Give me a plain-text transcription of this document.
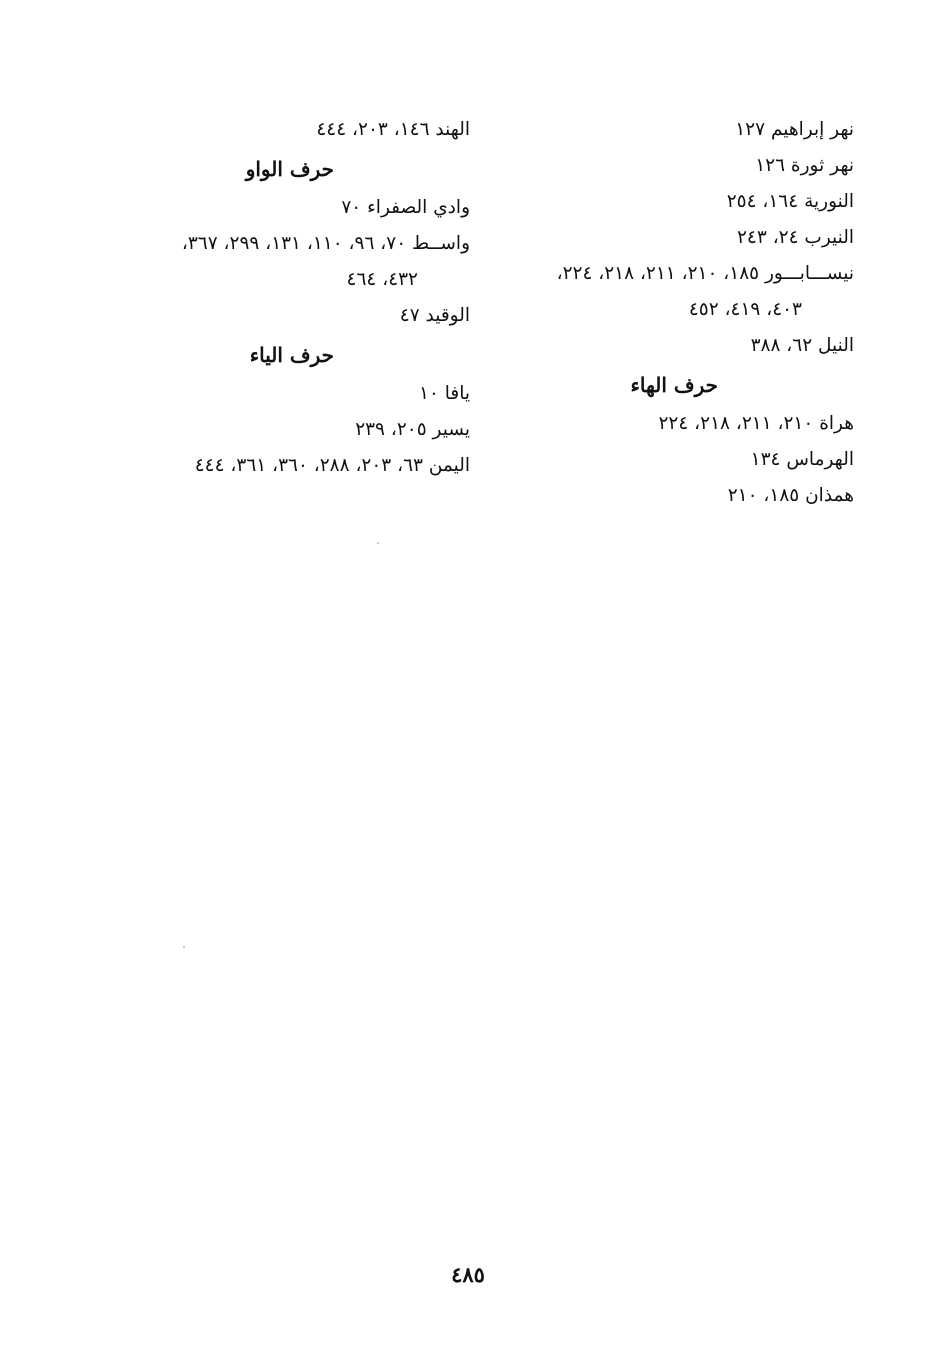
نهر إبراهيم ١٢٧
نهر ثورة ١٢٦
النورية ١٦٤، ٢٥٤
النيرب ٢٤، ٢٤٣
نيســـابـــور ١٨٥، ٢١٠، ٢١١، ٢١٨، ٢٢٤،
٤٠٣، ٤١٩، ٤٥٢
النيل ٦٢، ٣٨٨
حرف الهاء
هراة ٢١٠، ٢١١، ٢١٨، ٢٢٤
الهرماس ١٣٤
همذان ١٨٥، ٢١٠
الهند ١٤٦، ٢٠٣، ٤٤٤
حرف الواو
وادي الصفراء ٧٠
واســط ٧٠، ٩٦، ١١٠، ١٣١، ٢٩٩، ٣٦٧،
٤٣٢، ٤٦٤
الوقيد ٤٧
حرف الياء
يافا ١٠
يسير ٢٠٥، ٢٣٩
اليمن ٦٣، ٢٠٣، ٢٨٨، ٣٦٠، ٣٦١، ٤٤٤
٤٨٥
